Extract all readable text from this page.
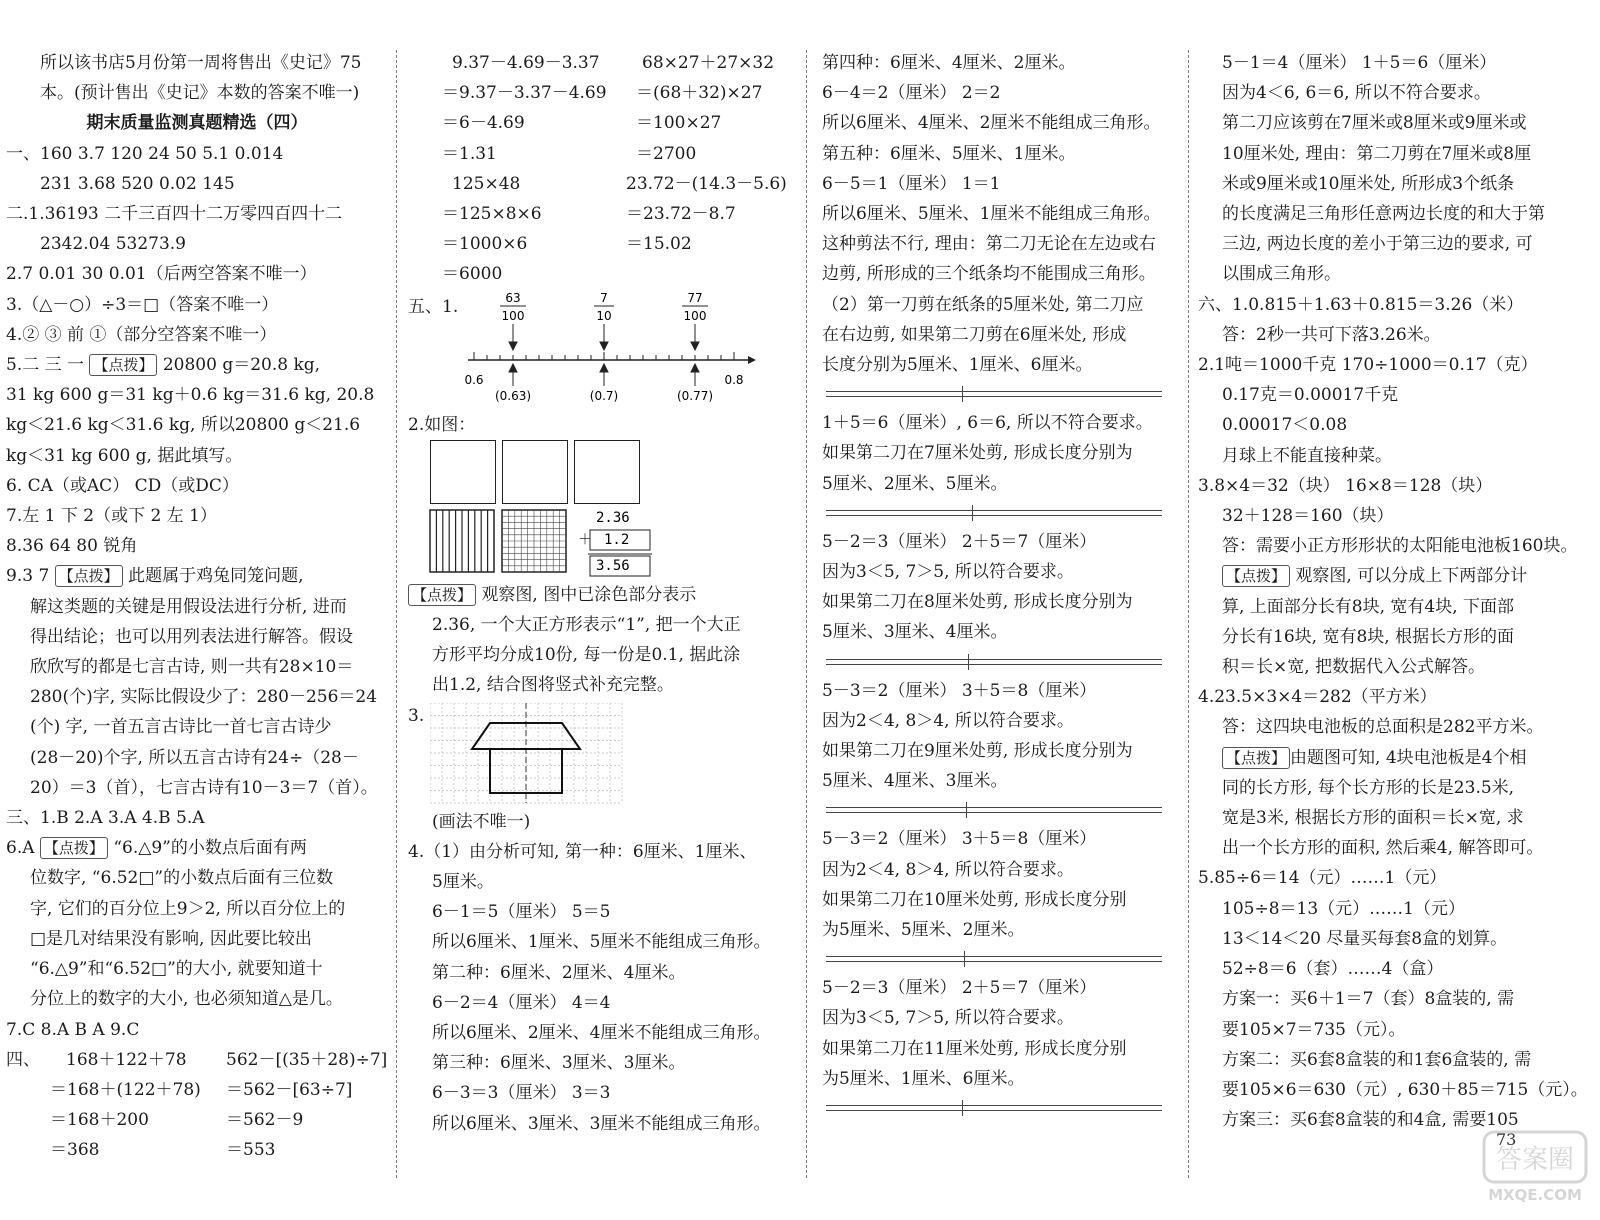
所以该书店5月份第一周将售出《史记》75
本。(预计售出《史记》本数的答案不唯一)
期末质量监测真题精选（四）
一、160 3.7 120 24 50 5.1 0.014
231 3.68 520 0.02 145
二.1.36193 二千三百四十二万零四百四十二
2342.04 53273.9
2.7 0.01 30 0.01（后两空答案不唯一）
3.（△－○）÷3＝□（答案不唯一）
4.② ③ 前 ①（部分空答案不唯一）
5.二 三 一 【点拨】 20800 g＝20.8 kg,
31 kg 600 g＝31 kg＋0.6 kg＝31.6 kg, 20.8
kg＜21.6 kg＜31.6 kg, 所以20800 g＜21.6
kg＜31 kg 600 g, 据此填写。
6. CA（或AC） CD（或DC）
7.左 1 下 2（或下 2 左 1）
8.36 64 80 锐角
9.3 7 【点拨】 此题属于鸡兔同笼问题,
解这类题的关键是用假设法进行分析, 进而
得出结论；也可以用列表法进行解答。假设
欣欣写的都是七言古诗, 则一共有28×10＝
280(个)字, 实际比假设少了：280－256＝24
(个) 字, 一首五言古诗比一首七言古诗少
(28－20)个字, 所以五言古诗有24÷（28－
20）＝3（首），七言古诗有10－3＝7（首）。
三、1.B 2.A 3.A 4.B 5.A
6.A 【点拨】 “6.△9”的小数点后面有两
位数字, “6.52□”的小数点后面有三位数
字, 它们的百分位上9＞2, 所以百分位上的
□是几对结果没有影响, 因此要比较出
“6.△9”和“6.52□”的大小, 就要知道十
分位上的数字的大小, 也必须知道△是几。
7.C 8.A B A 9.C
四、	168＋122＋78	562－[(35＋28)÷7]
＝168＋(122＋78)	＝562－[63÷7]
＝168＋200	＝562－9
＝368	＝553
9.37－4.69－3.37	68×27＋27×32
＝9.37－3.37－4.69	＝(68＋32)×27
＝6－4.69	＝100×27
＝1.31	＝2700
125×48	23.72－(14.3－5.6)
＝125×8×6	＝23.72－8.7
＝1000×6	＝15.02
＝6000
五、1.	63
100
7
10
77
100
0.6	0.8
(0.63)	(0.7)	(0.77)
2.如图：
2.36
＋ 1.2
3.56
【点拨】 观察图, 图中已涂色部分表示
2.36, 一个大正方形表示“1”, 把一个大正
方形平均分成10份, 每一份是0.1, 据此涂
出1.2, 结合图将竖式补充完整。
3.
(画法不唯一)
4.（1）由分析可知, 第一种：6厘米、1厘米、
5厘米。
6－1＝5（厘米） 5＝5
所以6厘米、1厘米、5厘米不能组成三角形。
第二种：6厘米、2厘米、4厘米。
6－2＝4（厘米） 4＝4
所以6厘米、2厘米、4厘米不能组成三角形。
第三种：6厘米、3厘米、3厘米。
6－3＝3（厘米） 3＝3
所以6厘米、3厘米、3厘米不能组成三角形。
第四种：6厘米、4厘米、2厘米。
6－4＝2（厘米） 2＝2
所以6厘米、4厘米、2厘米不能组成三角形。
第五种：6厘米、5厘米、1厘米。
6－5＝1（厘米） 1＝1
所以6厘米、5厘米、1厘米不能组成三角形。
这种剪法不行, 理由：第二刀无论在左边或右
边剪, 所形成的三个纸条均不能围成三角形。
（2）第一刀剪在纸条的5厘米处, 第二刀应
在右边剪, 如果第二刀剪在6厘米处, 形成
长度分别为5厘米、1厘米、6厘米。
1＋5＝6（厘米）, 6＝6, 所以不符合要求。
如果第二刀在7厘米处剪, 形成长度分别为
5厘米、2厘米、5厘米。
5－2＝3（厘米） 2＋5＝7（厘米）
因为3＜5, 7＞5, 所以符合要求。
如果第二刀在8厘米处剪, 形成长度分别为
5厘米、3厘米、4厘米。
5－3＝2（厘米） 3＋5＝8（厘米）
因为2＜4, 8＞4, 所以符合要求。
如果第二刀在9厘米处剪, 形成长度分别为
5厘米、4厘米、3厘米。
5－3＝2（厘米） 3＋5＝8（厘米）
因为2＜4, 8＞4, 所以符合要求。
如果第二刀在10厘米处剪, 形成长度分别
为5厘米、5厘米、2厘米。
5－2＝3（厘米） 2＋5＝7（厘米）
因为3＜5, 7＞5, 所以符合要求。
如果第二刀在11厘米处剪, 形成长度分别
为5厘米、1厘米、6厘米。
5－1＝4（厘米） 1＋5＝6（厘米）
因为4＜6, 6＝6, 所以不符合要求。
第二刀应该剪在7厘米或8厘米或9厘米或
10厘米处, 理由：第二刀剪在7厘米或8厘
米或9厘米或10厘米处, 所形成3个纸条
的长度满足三角形任意两边长度的和大于第
三边, 两边长度的差小于第三边的要求, 可
以围成三角形。
六、1.0.815＋1.63＋0.815＝3.26（米）
答：2秒一共可下落3.26米。
2.1吨＝1000千克 170÷1000＝0.17（克）
0.17克＝0.00017千克
0.00017＜0.08
月球上不能直接种菜。
3.8×4＝32（块） 16×8＝128（块）
32＋128＝160（块）
答：需要小正方形形状的太阳能电池板160块。
【点拨】 观察图, 可以分成上下两部分计
算, 上面部分长有8块, 宽有4块, 下面部
分长有16块, 宽有8块, 根据长方形的面
积＝长×宽, 把数据代入公式解答。
4.23.5×3×4＝282（平方米）
答：这四块电池板的总面积是282平方米。
【点拨】 由题图可知, 4块电池板是4个相
同的长方形, 每个长方形的长是23.5米,
宽是3米, 根据长方形的面积＝长×宽, 求
出一个长方形的面积, 然后乘4, 解答即可。
5.85÷6＝14（元）……1（元）
105÷8＝13（元）……1（元）
13＜14＜20 尽量买每套8盒的划算。
52÷8＝6（套）……4（盒）
方案一：买6＋1＝7（套）8盒装的, 需
要105×7＝735（元）。
方案二：买6套8盒装的和1套6盒装的, 需
要105×6＝630（元）, 630＋85＝715（元）。
方案三：买6套8盒装的和4盒, 需要105
73
答案圈
MXQE.COM
